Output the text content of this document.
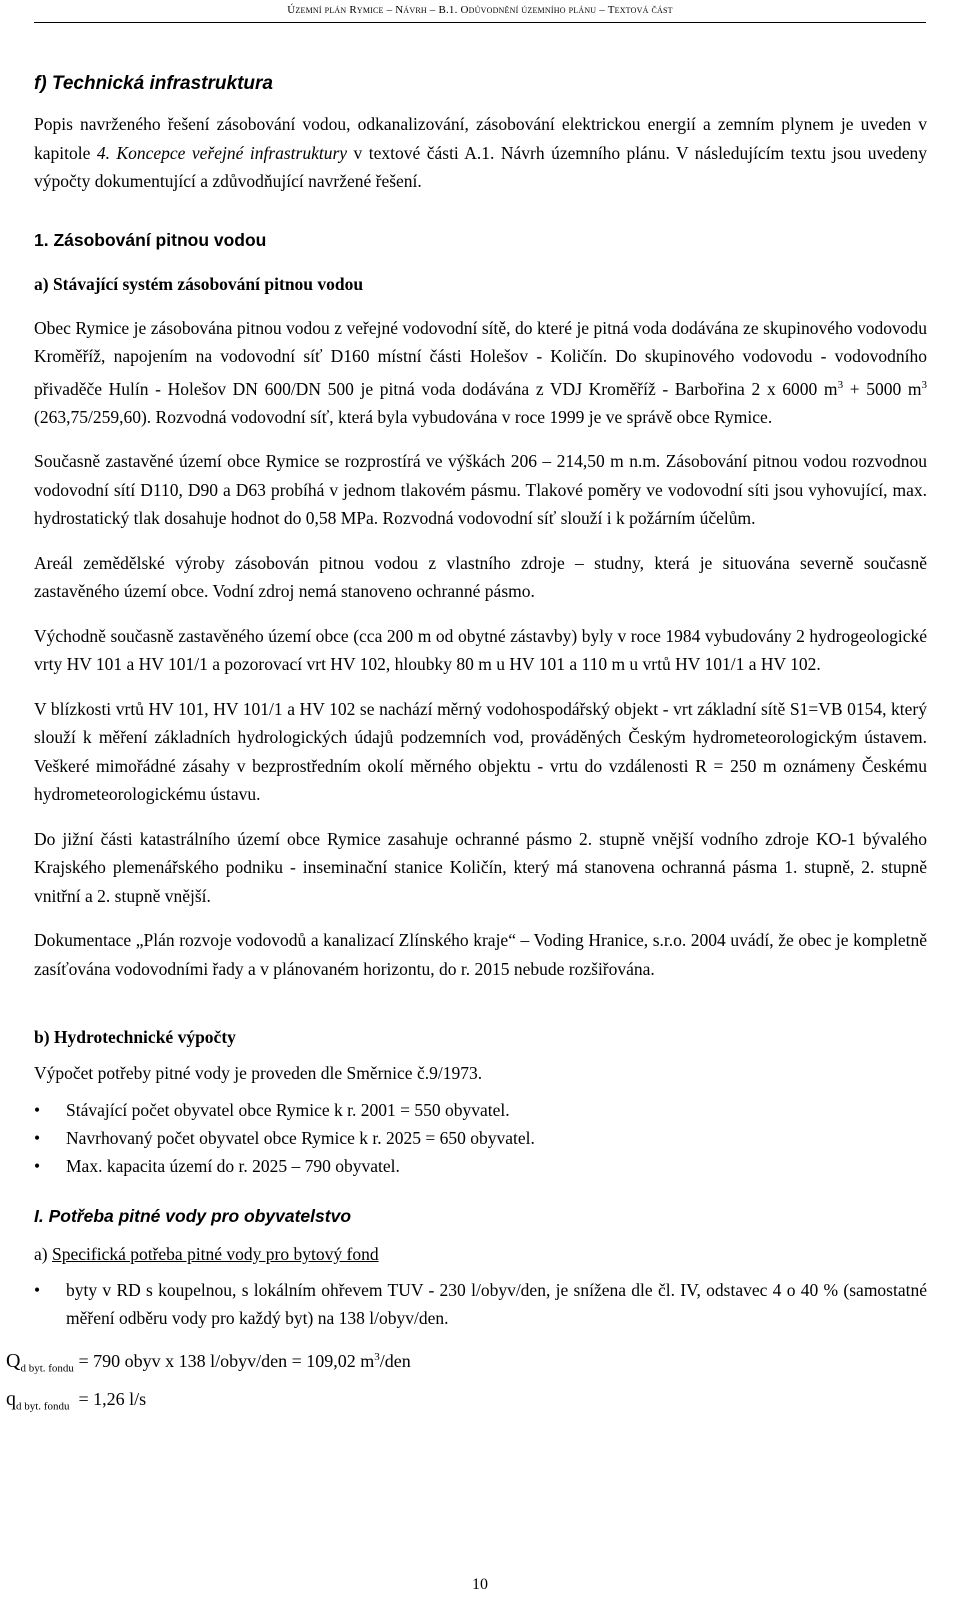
Územní plán Rymice – Návrh – B.1. Odůvodnění územního plánu – Textová část
f) Technická infrastruktura

Popis navrženého řešení zásobování vodou, odkanalizování, zásobování elektrickou energií a zemním plynem je uveden v kapitole 4. Koncepce veřejné infrastruktury v textové části A.1. Návrh územního plánu. V následujícím textu jsou uvedeny výpočty dokumentující a zdůvodňující navržené řešení.

1. Zásobování pitnou vodou
a) Stávající systém zásobování pitnou vodou

Obec Rymice je zásobována pitnou vodou z veřejné vodovodní sítě, do které je pitná voda dodávána ze skupinového vodovodu Kroměříž, napojením na vodovodní síť D160 místní části Holešov - Količín. Do skupinového vodovodu - vodovodního přivaděče Hulín - Holešov DN 600/DN 500 je pitná voda dodávána z VDJ Kroměříž - Barbořina 2 x 6000 $m^3 + 5000$ $m^3$ (263,75/259,60). Rozvodná vodovodní síť, která byla vybudována v roce 1999 je ve správě obce Rymice.

Současně zastavěné území obce Rymice se rozprostírá ve výškách 206 – 214,50 m n.m. Zásobování pitnou vodou rozvodnou vodovodní sítí D110, D90 a D63 probíhá v jednom tlakovém pásmu. Tlakové poměry ve vodovodní síti jsou vyhovující, max. hydrostatický tlak dosahuje hodnot do 0,58 MPa. Rozvodná vodovodní síť slouží i k požárním účelům.

Areál zemědělské výroby zásobován pitnou vodou z vlastního zdroje – studny, která je situována severně současně zastavěného území obce. Vodní zdroj nemá stanoveno ochranné pásmo.

Východně současně zastavěného území obce (cca 200 m od obytné zástavby) byly v roce 1984 vybudovány 2 hydrogeologické vrty HV 101 a HV 101/1 a pozorovací vrt HV 102, hloubky 80 m u HV 101 a 110 m u vrtů HV 101/1 a HV 102.

V blízkosti vrtů HV 101, HV 101/1 a HV 102 se nachází měrný vodohospodářský objekt - vrt základní sítě S1=VB 0154, který slouží k měření základních hydrologických údajů podzemních vod, prováděných Českým hydrometeorologickým ústavem. Veškeré mimořádné zásahy v bezprostředním okolí měrného objektu - vrtu do vzdálenosti R = 250 m oznámeny Českému hydrometeorologickému ústavu.

Do jižní části katastrálního území obce Rymice zasahuje ochranné pásmo 2. stupně vnější vodního zdroje KO-1 bývalého Krajského plemenářského podniku - inseminační stanice Količín, který má stanovena ochranná pásma 1. stupně, 2. stupně vnitřní a 2. stupně vnější.

Dokumentace „Plán rozvoje vodovodů a kanalizací Zlínského kraje“ – Voding Hranice, s.r.o. 2004 uvádí, že obec je kompletně zasíťována vodovodními řady a v plánovaném horizontu, do r. 2015 nebude rozšiřována.

b) Hydrotechnické výpočty

Výpočet potřeby pitné vody je proveden dle Směrnice č.9/1973.

•	Stávající počet obyvatel obce Rymice k r. 2001 = 550 obyvatel.
•	Navrhovaný počet obyvatel obce Rymice k r. 2025 = 650 obyvatel.
•	Max. kapacita území do r. 2025 – 790 obyvatel.
I. Potřeba pitné vody pro obyvatelstvo

a) Specifická potřeba pitné vody pro bytový fond

•	byty v RD s koupelnou, s lokálním ohřevem TUV - 230 l/obyv/den, je snížena dle čl. IV, odstavec 4 o 40 % (samostatné měření odběru vody pro každý byt) na 138 l/obyv/den.
$Q_{d byt. fondu} = 790$ obyv x 138 l/obyv/den = 109,02 $m^3$/den
$q_{d byt. fondu} = 1,26$ l/s
10
